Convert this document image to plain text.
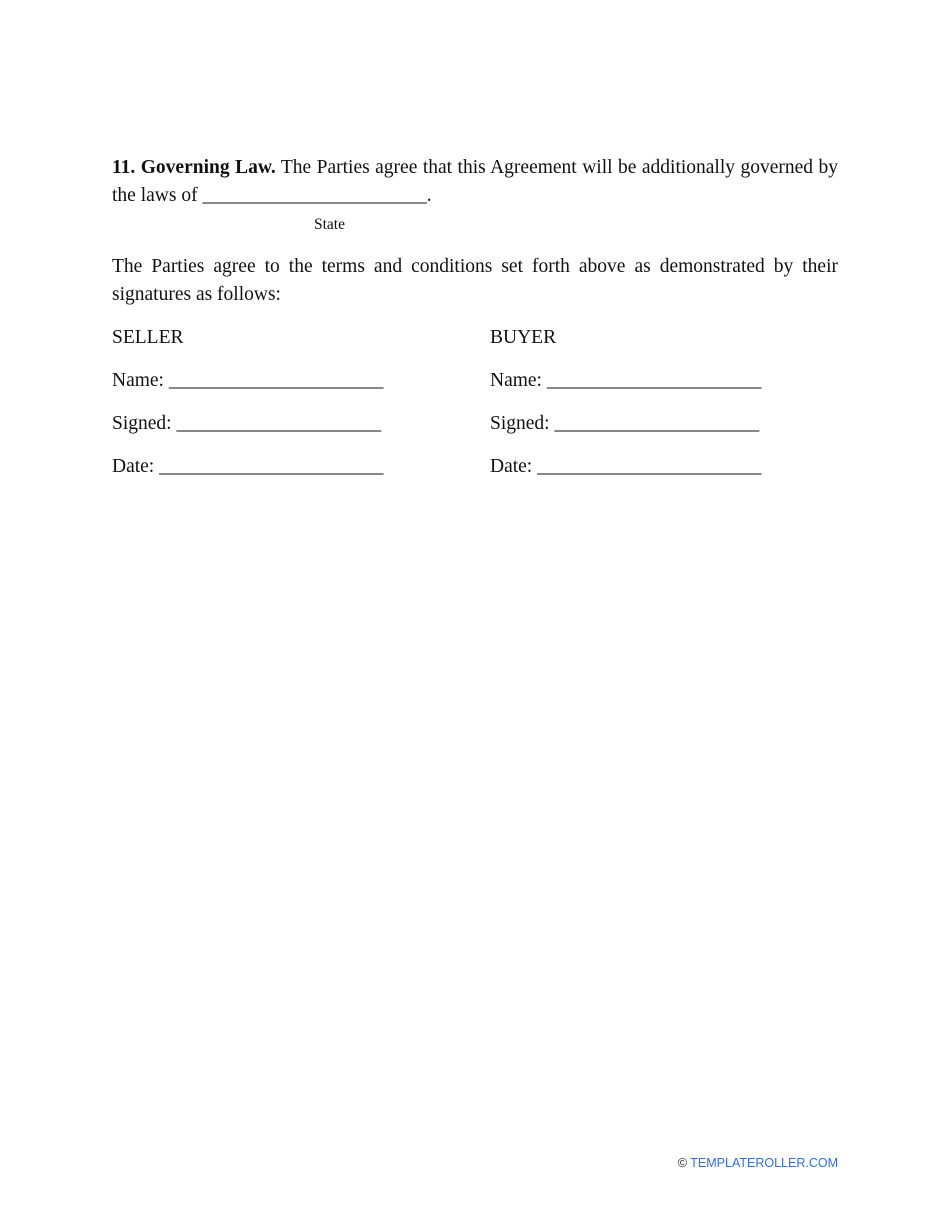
11. Governing Law. The Parties agree that this Agreement will be additionally governed by the laws of _______________________.

State

The Parties agree to the terms and conditions set forth above as demonstrated by their signatures as follows:

SELLER
Name: ______________________
Signed: _____________________
Date: _______________________
BUYER
Name: ______________________
Signed: _____________________
Date: _______________________
© TEMPLATEROLLER.COM
